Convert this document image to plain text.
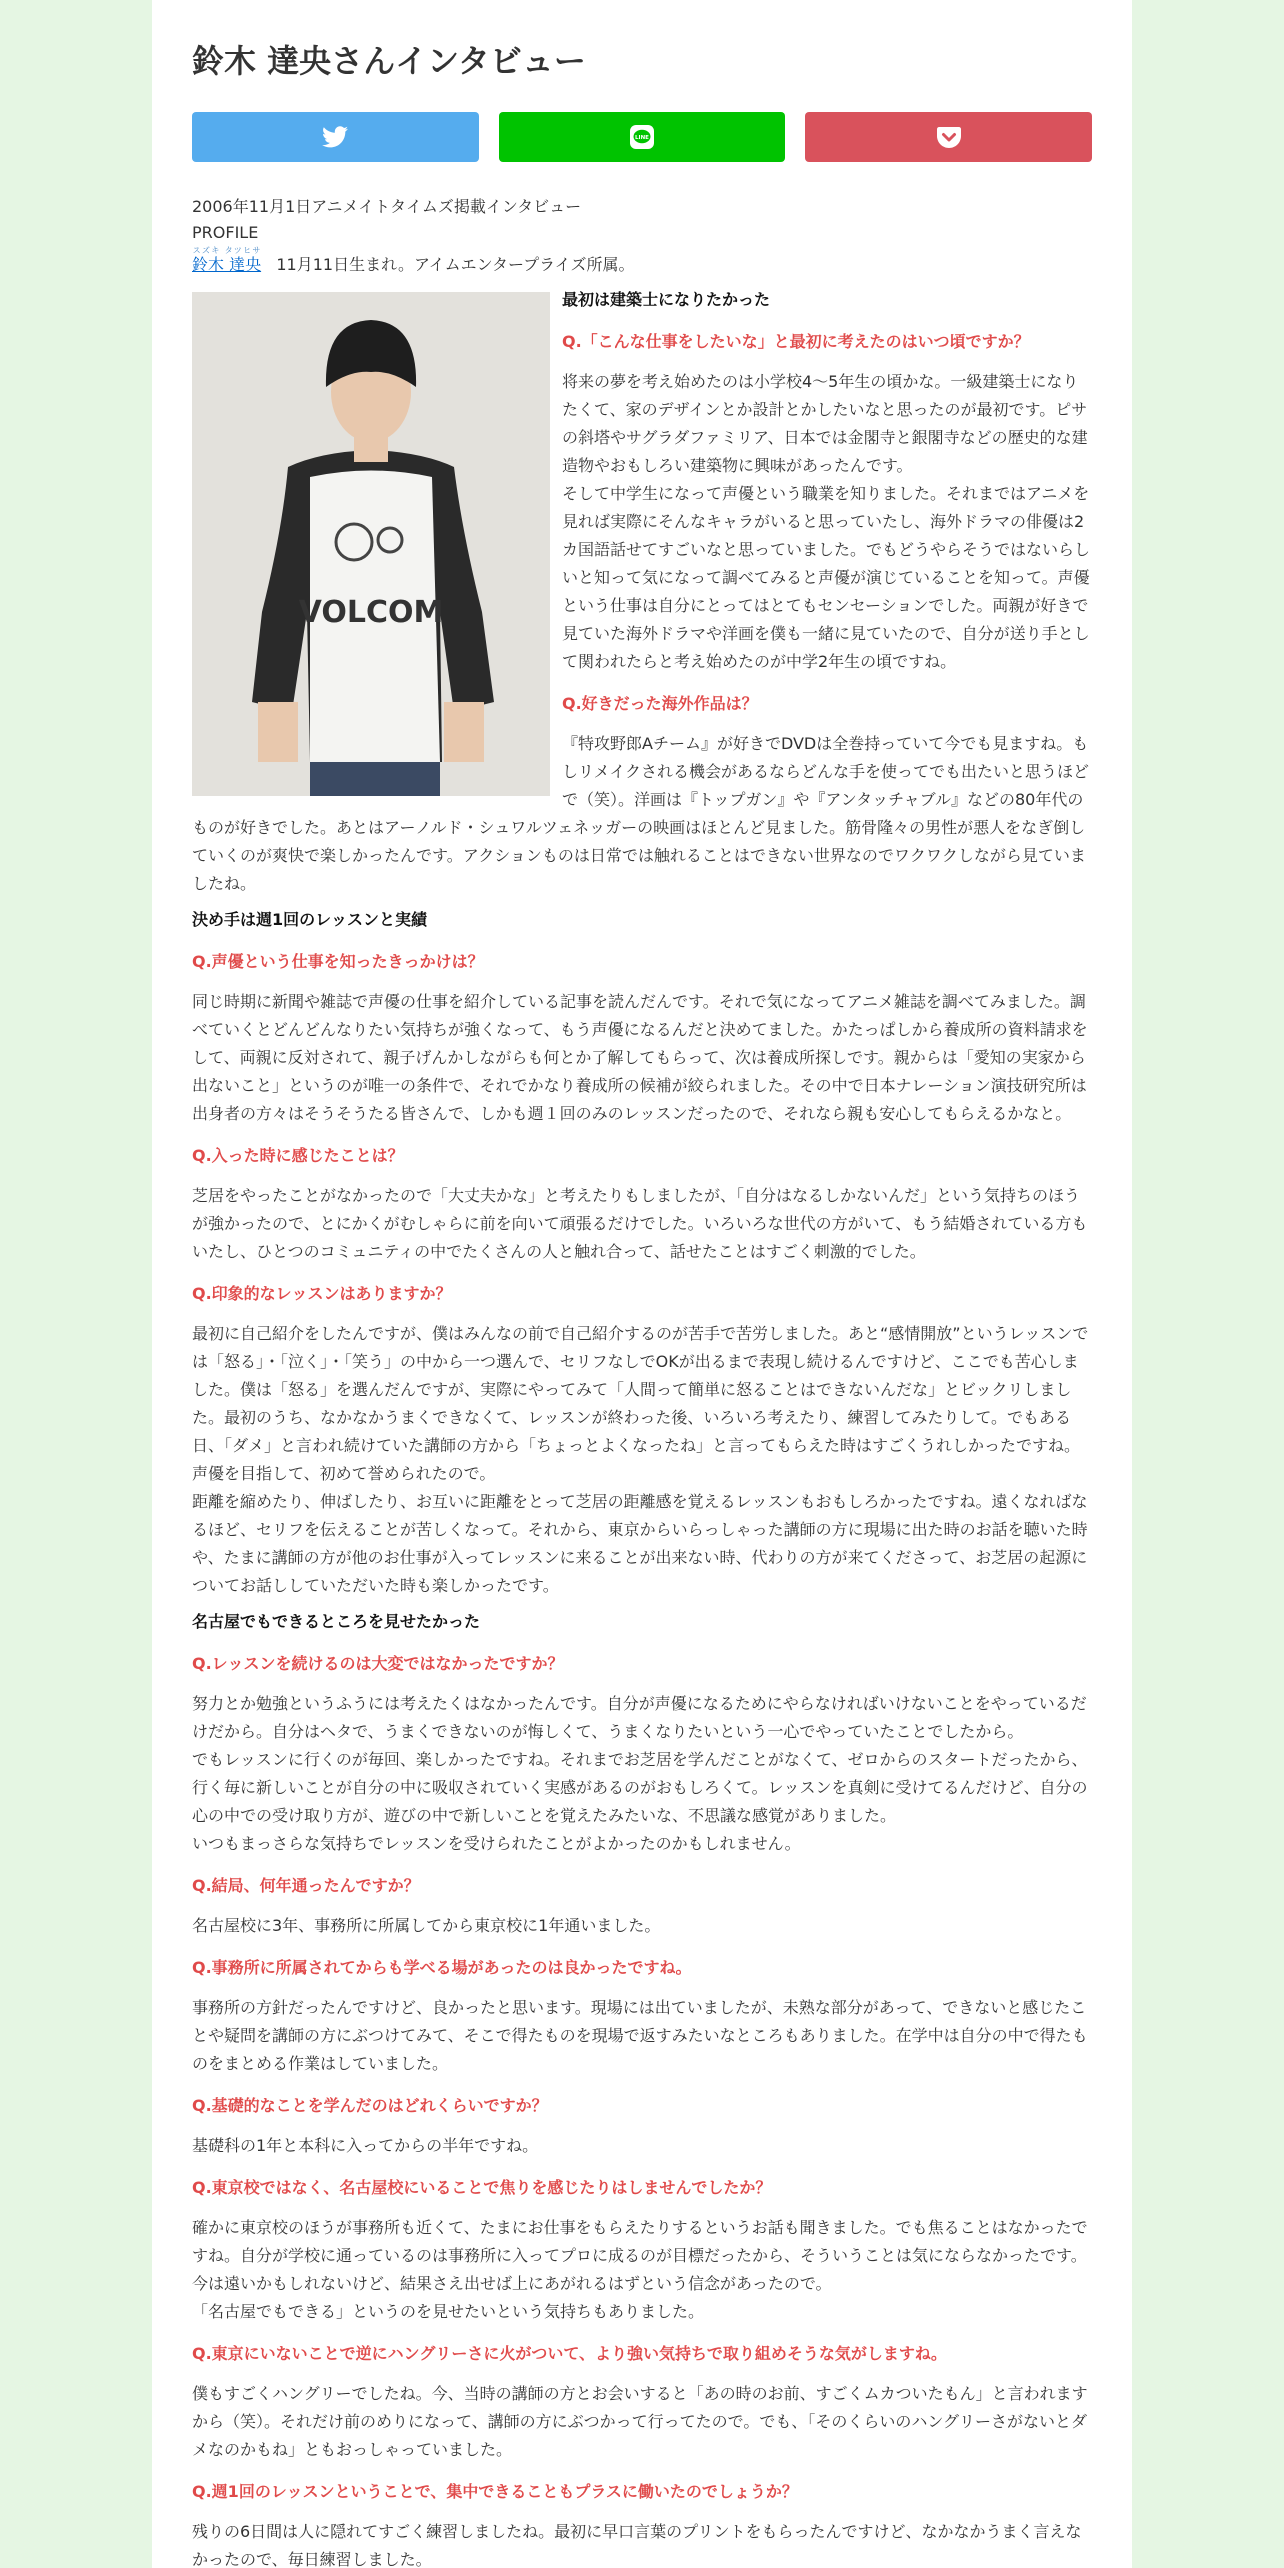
鈴木 達央さんインタビュー
LINE
2006年11月1日アニメイトタイムズ掲載インタビュー
PROFILE
鈴木 達央スズキ タツヒサ   11月11日生まれ。アイムエンタープライズ所属。
VOLCOM
最初は建築士になりたかった
Q.「こんな仕事をしたいな」と最初に考えたのはいつ頃ですか？

将来の夢を考え始めたのは小学校4～5年生の頃かな。一級建築士になりたくて、家のデザインとか設計とかしたいなと思ったのが最初です。ピサの斜塔やサグラダファミリア、日本では金閣寺と銀閣寺などの歴史的な建造物やおもしろい建築物に興味があったんです。

そして中学生になって声優という職業を知りました。それまではアニメを見れば実際にそんなキャラがいると思っていたし、海外ドラマの俳優は2カ国語話せてすごいなと思っていました。でもどうやらそうではないらしいと知って気になって調べてみると声優が演じていることを知って。声優という仕事は自分にとってはとてもセンセーションでした。両親が好きで見ていた海外ドラマや洋画を僕も一緒に見ていたので、自分が送り手として関われたらと考え始めたのが中学2年生の頃ですね。

Q.好きだった海外作品は？

『特攻野郎Aチーム』が好きでDVDは全巻持っていて今でも見ますね。もしリメイクされる機会があるならどんな手を使ってでも出たいと思うほどで（笑）。洋画は『トップガン』や『アンタッチャブル』などの80年代のものが好きでした。あとはアーノルド・シュワルツェネッガーの映画はほとんど見ました。筋骨隆々の男性が悪人をなぎ倒していくのが爽快で楽しかったんです。アクションものは日常では触れることはできない世界なのでワクワクしながら見ていましたね。

決め手は週1回のレッスンと実績
Q.声優という仕事を知ったきっかけは？

同じ時期に新聞や雑誌で声優の仕事を紹介している記事を読んだんです。それで気になってアニメ雑誌を調べてみました。調べていくとどんどんなりたい気持ちが強くなって、もう声優になるんだと決めてました。かたっぱしから養成所の資料請求をして、両親に反対されて、親子げんかしながらも何とか了解してもらって、次は養成所探しです。親からは「愛知の実家から出ないこと」というのが唯一の条件で、それでかなり養成所の候補が絞られました。その中で日本ナレーション演技研究所は出身者の方々はそうそうたる皆さんで、しかも週１回のみのレッスンだったので、それなら親も安心してもらえるかなと。

Q.入った時に感じたことは？

芝居をやったことがなかったので「大丈夫かな」と考えたりもしましたが、「自分はなるしかないんだ」という気持ちのほうが強かったので、とにかくがむしゃらに前を向いて頑張るだけでした。いろいろな世代の方がいて、もう結婚されている方もいたし、ひとつのコミュニティの中でたくさんの人と触れ合って、話せたことはすごく刺激的でした。

Q.印象的なレッスンはありますか？

最初に自己紹介をしたんですが、僕はみんなの前で自己紹介するのが苦手で苦労しました。あと“感情開放”というレッスンでは「怒る」・「泣く」・「笑う」の中から一つ選んで、セリフなしでOKが出るまで表現し続けるんですけど、ここでも苦心しました。僕は「怒る」を選んだんですが、実際にやってみて「人間って簡単に怒ることはできないんだな」とビックリしました。最初のうち、なかなかうまくできなくて、レッスンが終わった後、いろいろ考えたり、練習してみたりして。でもある日、「ダメ」と言われ続けていた講師の方から「ちょっとよくなったね」と言ってもらえた時はすごくうれしかったですね。声優を目指して、初めて誉められたので。

距離を縮めたり、伸ばしたり、お互いに距離をとって芝居の距離感を覚えるレッスンもおもしろかったですね。遠くなればなるほど、セリフを伝えることが苦しくなって。それから、東京からいらっしゃった講師の方に現場に出た時のお話を聴いた時や、たまに講師の方が他のお仕事が入ってレッスンに来ることが出来ない時、代わりの方が来てくださって、お芝居の起源についてお話ししていただいた時も楽しかったです。

名古屋でもできるところを見せたかった
Q.レッスンを続けるのは大変ではなかったですか？

努力とか勉強というふうには考えたくはなかったんです。自分が声優になるためにやらなければいけないことをやっているだけだから。自分はヘタで、うまくできないのが悔しくて、うまくなりたいという一心でやっていたことでしたから。

でもレッスンに行くのが毎回、楽しかったですね。それまでお芝居を学んだことがなくて、ゼロからのスタートだったから、行く毎に新しいことが自分の中に吸収されていく実感があるのがおもしろくて。レッスンを真剣に受けてるんだけど、自分の心の中での受け取り方が、遊びの中で新しいことを覚えたみたいな、不思議な感覚がありました。

いつもまっさらな気持ちでレッスンを受けられたことがよかったのかもしれません。

Q.結局、何年通ったんですか？

名古屋校に3年、事務所に所属してから東京校に1年通いました。

Q.事務所に所属されてからも学べる場があったのは良かったですね。

事務所の方針だったんですけど、良かったと思います。現場には出ていましたが、未熟な部分があって、できないと感じたことや疑問を講師の方にぶつけてみて、そこで得たものを現場で返すみたいなところもありました。在学中は自分の中で得たものをまとめる作業はしていました。

Q.基礎的なことを学んだのはどれくらいですか？

基礎科の1年と本科に入ってからの半年ですね。

Q.東京校ではなく、名古屋校にいることで焦りを感じたりはしませんでしたか？

確かに東京校のほうが事務所も近くて、たまにお仕事をもらえたりするというお話も聞きました。でも焦ることはなかったですね。自分が学校に通っているのは事務所に入ってプロに成るのが目標だったから、そういうことは気にならなかったです。今は遠いかもしれないけど、結果さえ出せば上にあがれるはずという信念があったので。

「名古屋でもできる」というのを見せたいという気持ちもありました。

Q.東京にいないことで逆にハングリーさに火がついて、より強い気持ちで取り組めそうな気がしますね。

僕もすごくハングリーでしたね。今、当時の講師の方とお会いすると「あの時のお前、すごくムカついたもん」と言われますから（笑）。それだけ前のめりになって、講師の方にぶつかって行ってたので。でも、「そのくらいのハングリーさがないとダメなのかもね」ともおっしゃっていました。

Q.週1回のレッスンということで、集中できることもプラスに働いたのでしょうか？

残りの6日間は人に隠れてすごく練習しましたね。最初に早口言葉のプリントをもらったんですけど、なかなかうまく言えなかったので、毎日練習しました。
